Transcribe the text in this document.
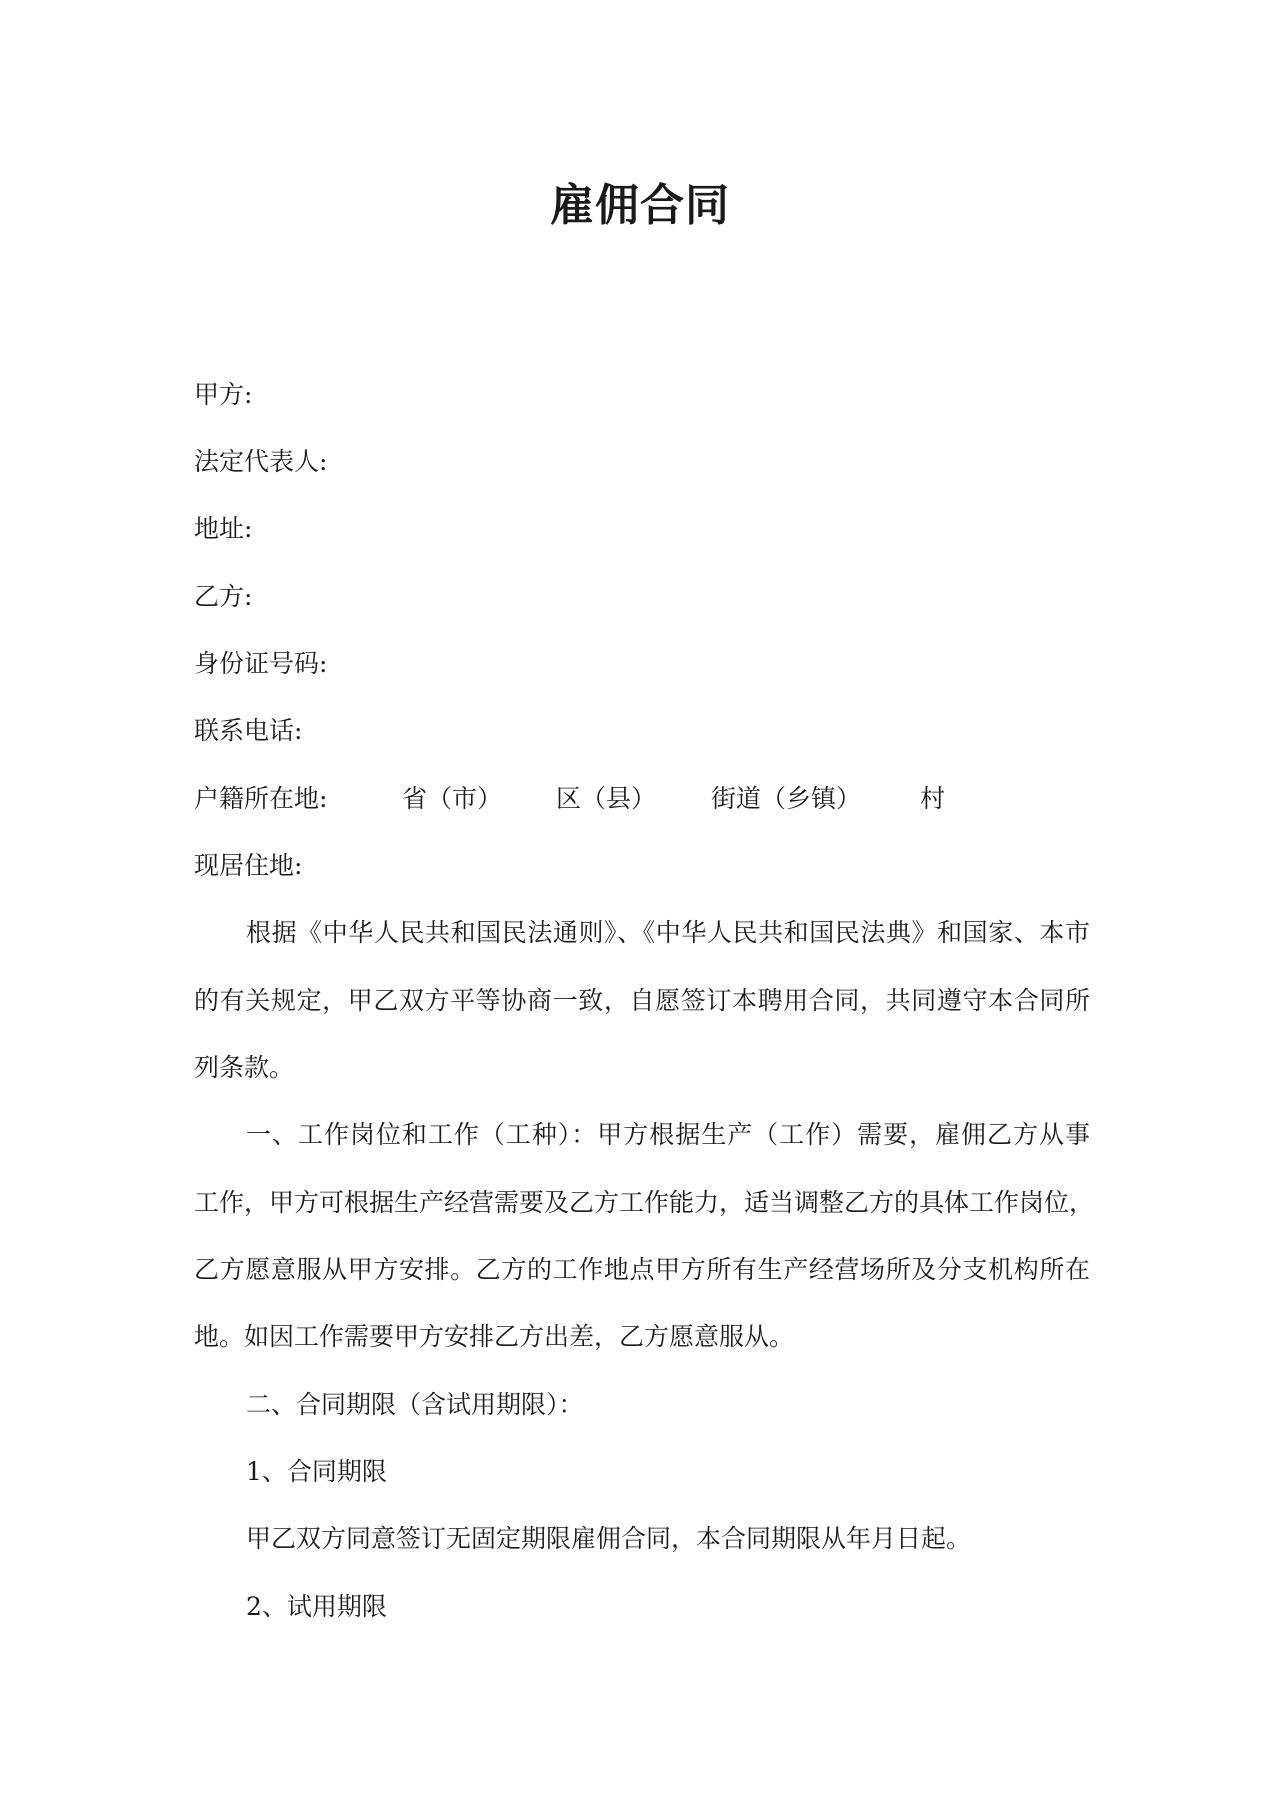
雇佣合同

甲方:

法定代表人:

地址:

乙方:

身份证号码:

联系电话:

户籍所在地:	省（市） 区（县） 街道（乡镇） 村

现居住地:

根据《中华人民共和国民法通则》、《中华人民共和国民法典》和国家、本市

的有关规定，甲乙双方平等协商一致，自愿签订本聘用合同，共同遵守本合同所

列条款。

一、工作岗位和工作（工种）：甲方根据生产（工作）需要，雇佣乙方从事

工作，甲方可根据生产经营需要及乙方工作能力，适当调整乙方的具体工作岗位，

乙方愿意服从甲方安排。乙方的工作地点甲方所有生产经营场所及分支机构所在

地。如因工作需要甲方安排乙方出差，乙方愿意服从。

二、合同期限（含试用期限）：

1、合同期限

甲乙双方同意签订无固定期限雇佣合同，本合同期限从年月日起。

2、试用期限
